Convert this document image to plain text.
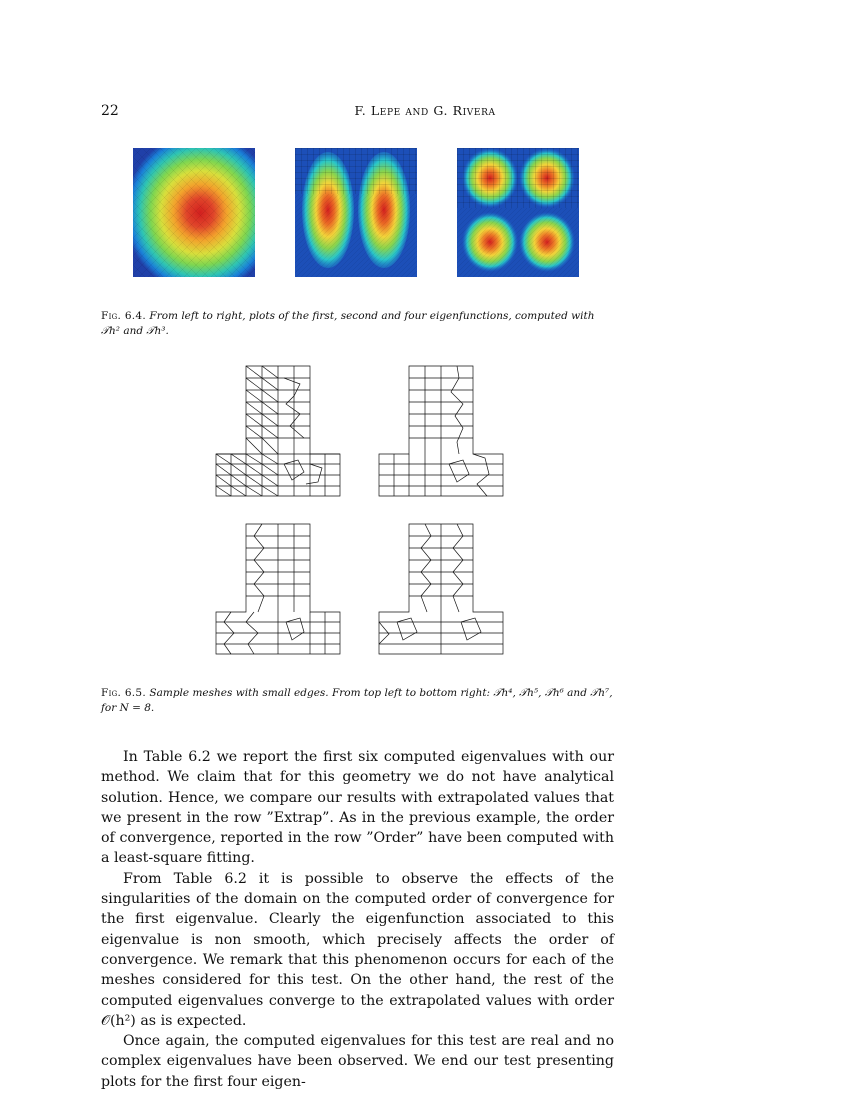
22	F. Lepe and G. Rivera
Fig. 6.4. From left to right, plots of the first, second and four eigenfunctions, computed with 𝒯h² and 𝒯h³.
Fig. 6.5. Sample meshes with small edges. From top left to bottom right: 𝒯h⁴, 𝒯h⁵, 𝒯h⁶ and 𝒯h⁷, for N = 8.

In Table 6.2 we report the first six computed eigenvalues with our method. We claim that for this geometry we do not have analytical solution. Hence, we compare our results with extrapolated values that we present in the row ”Extrap”. As in the previous example, the order of convergence, reported in the row ”Order” have been computed with a least-square fitting.

From Table 6.2 it is possible to observe the effects of the singularities of the domain on the computed order of convergence for the first eigenvalue. Clearly the eigenfunction associated to this eigenvalue is non smooth, which precisely affects the order of convergence. We remark that this phenomenon occurs for each of the meshes considered for this test. On the other hand, the rest of the computed eigenvalues converge to the extrapolated values with order 𝒪(h²) as is expected.

Once again, the computed eigenvalues for this test are real and no complex eigenvalues have been observed. We end our test presenting plots for the first four eigen-
